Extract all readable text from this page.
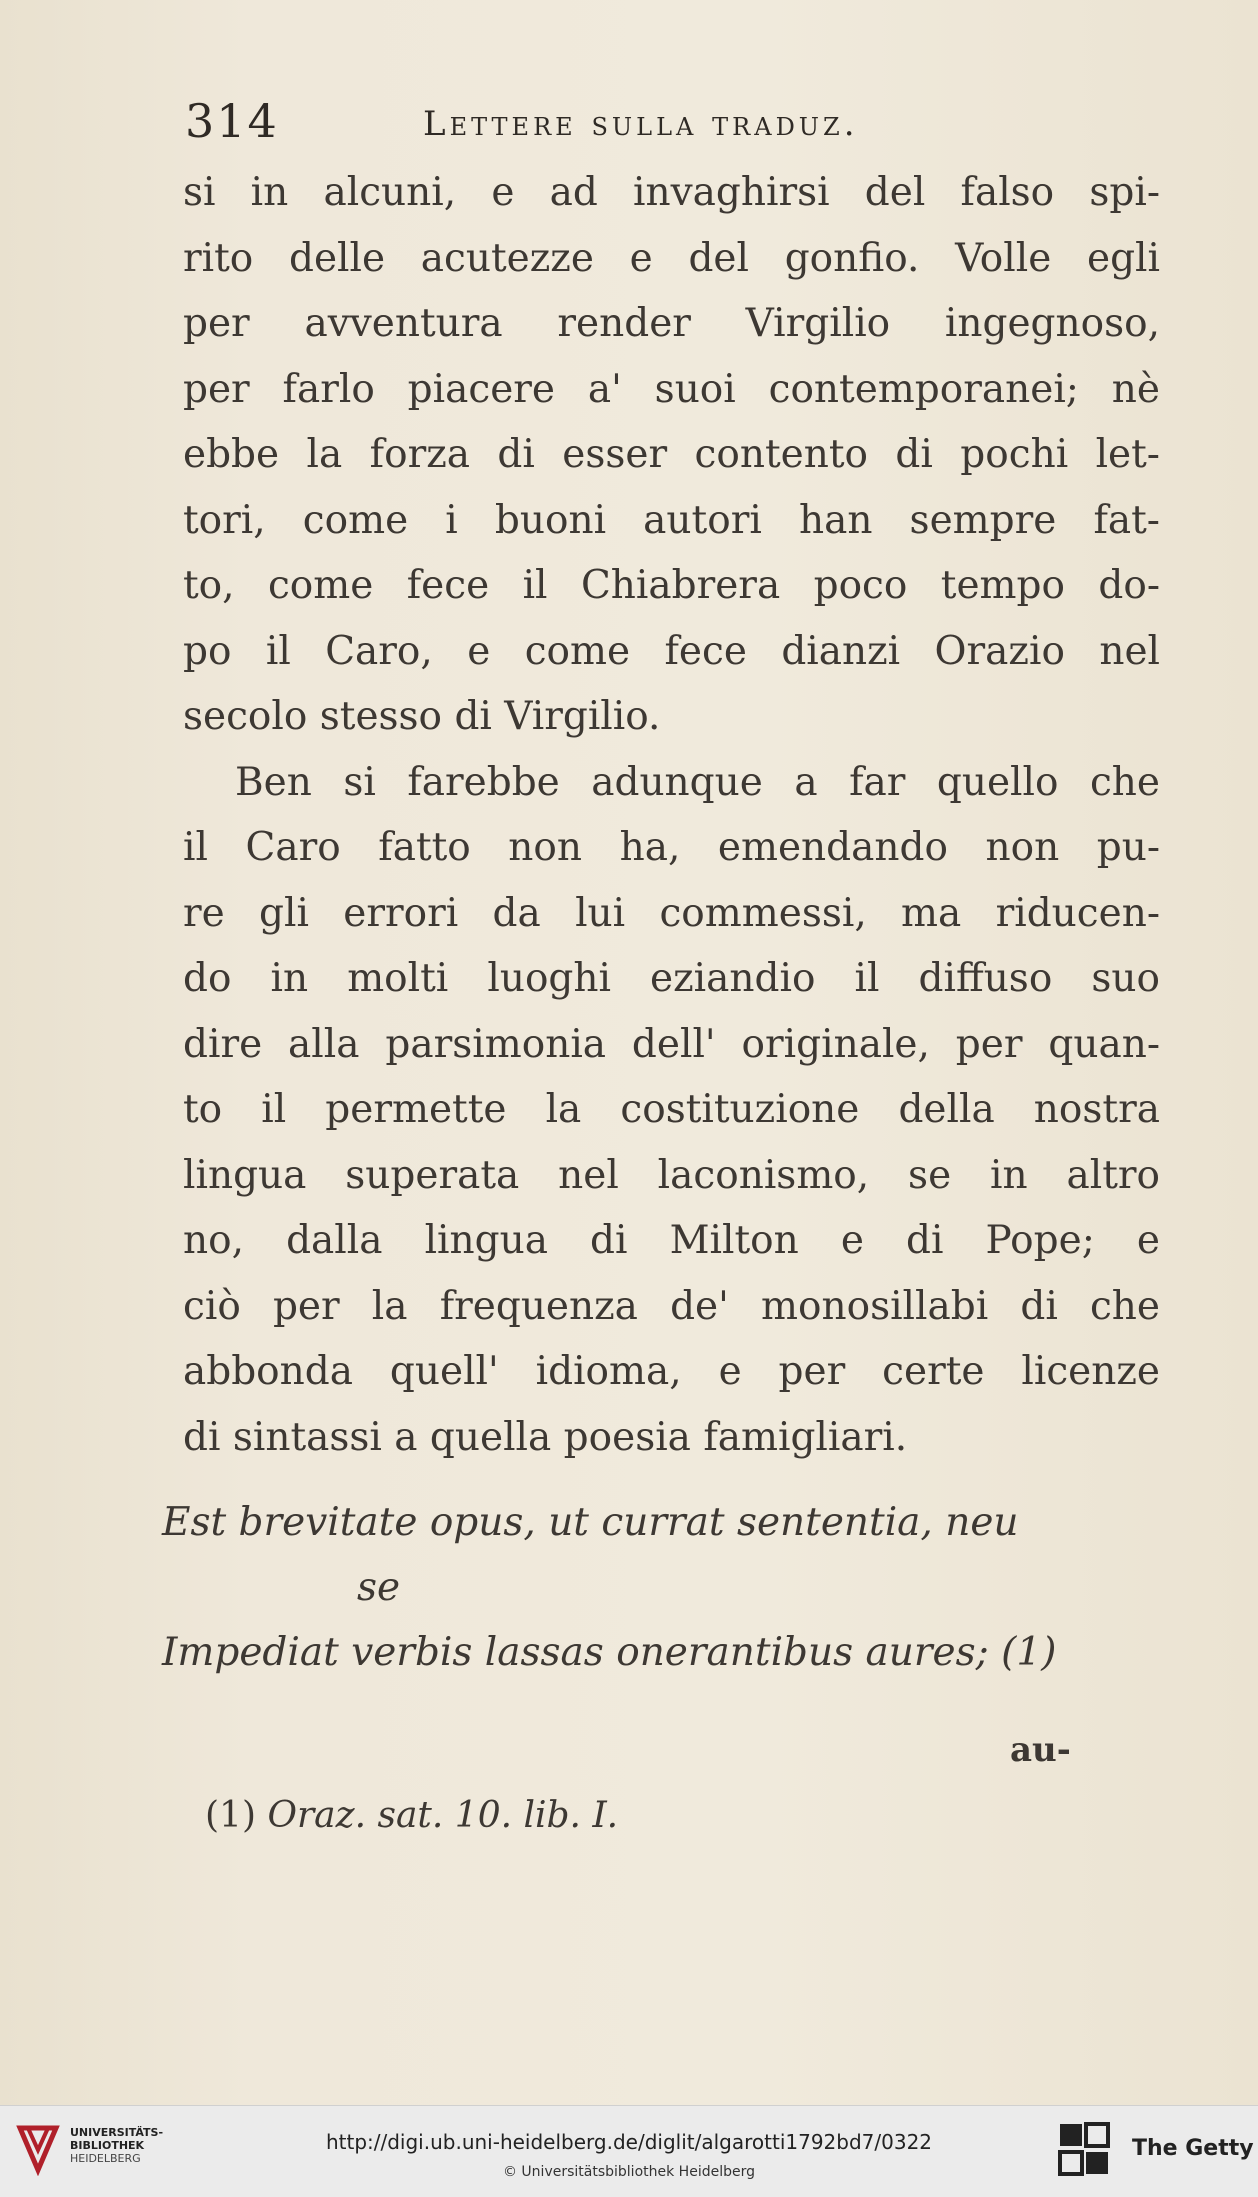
314	Lettere sulla traduz.
si in alcuni, e ad invaghirsi del falso spi-
rito delle acutezze e del gonfio. Volle egli
per avventura render Virgilio ingegnoso,
per farlo piacere a' suoi contemporanei; nè
ebbe la forza di esser contento di pochi let-
tori, come i buoni autori han sempre fat-
to, come fece il Chiabrera poco tempo do-
po il Caro, e come fece dianzi Orazio nel
secolo stesso di Virgilio.
Ben si farebbe adunque a far quello che
il Caro fatto non ha, emendando non pu-
re gli errori da lui commessi, ma riducen-
do in molti luoghi eziandio il diffuso suo
dire alla parsimonia dell' originale, per quan-
to il permette la costituzione della nostra
lingua superata nel laconismo, se in altro
no, dalla lingua di Milton e di Pope; e
ciò per la frequenza de' monosillabi di che
abbonda quell' idioma, e per certe licenze
di sintassi a quella poesia famigliari.
Est brevitate opus, ut currat sententia, neu
se
Impediat verbis lassas onerantibus aures; (1)
au-
(1) Oraz. sat. 10. lib. I.
UNIVERSITÄTS-
BIBLIOTHEK
HEIDELBERG
http://digi.ub.uni-heidelberg.de/diglit/algarotti1792bd7/0322
© Universitätsbibliothek Heidelberg
The Getty
